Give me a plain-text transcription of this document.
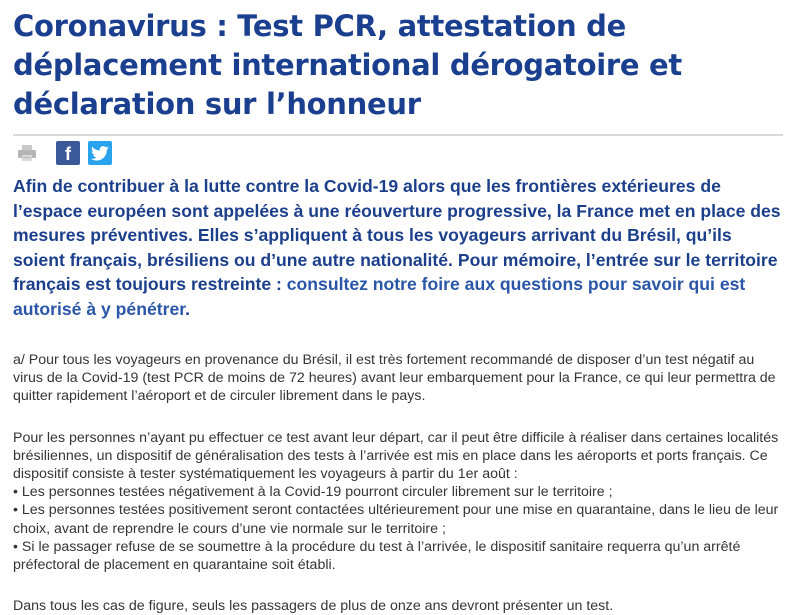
Coronavirus : Test PCR, attestation de déplacement international dérogatoire et déclaration sur l’honneur
f

Afin de contribuer à la lutte contre la Covid-19 alors que les frontières extérieures de l’espace européen sont appelées à une réouverture progressive, la France met en place des mesures préventives. Elles s’appliquent à tous les voyageurs arrivant du Brésil, qu’ils soient français, brésiliens ou d’une autre nationalité. Pour mémoire, l’entrée sur le territoire français est toujours restreinte : consultez notre foire aux questions pour savoir qui est autorisé à y pénétrer.

a/ Pour tous les voyageurs en provenance du Brésil, il est très fortement recommandé de disposer d’un test négatif au virus de la Covid-19 (test PCR de moins de 72 heures) avant leur embarquement pour la France, ce qui leur permettra de quitter rapidement l’aéroport et de circuler librement dans le pays.

Pour les personnes n’ayant pu effectuer ce test avant leur départ, car il peut être difficile à réaliser dans certaines localités brésiliennes, un dispositif de généralisation des tests à l’arrivée est mis en place dans les aéroports et ports français. Ce dispositif consiste à tester systématiquement les voyageurs à partir du 1er août :

• Les personnes testées négativement à la Covid-19 pourront circuler librement sur le territoire ;

• Les personnes testées positivement seront contactées ultérieurement pour une mise en quarantaine, dans le lieu de leur choix, avant de reprendre le cours d’une vie normale sur le territoire ;

• Si le passager refuse de se soumettre à la procédure du test à l’arrivée, le dispositif sanitaire requerra qu’un arrêté préfectoral de placement en quarantaine soit établi.

Dans tous les cas de figure, seuls les passagers de plus de onze ans devront présenter un test.
